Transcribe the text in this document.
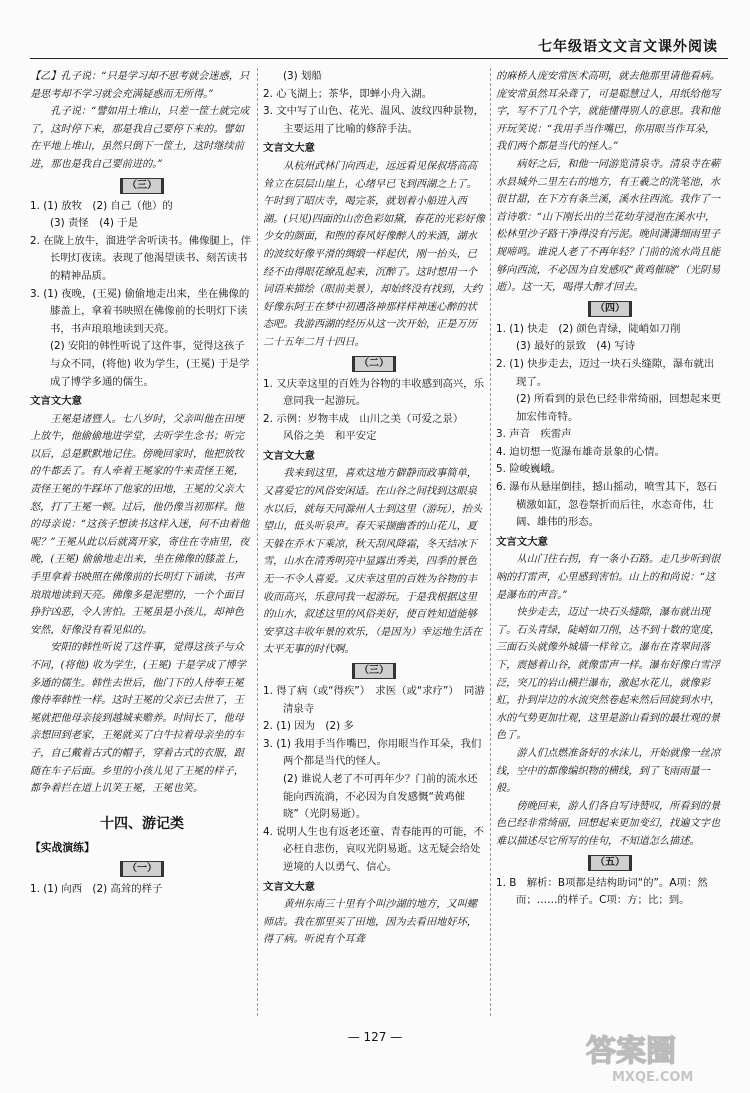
七年级语文文言文课外阅读

【乙】孔子说：“只是学习却不思考就会迷惑，只是思考却不学习就会充满疑惑而无所得。”

孔子说：“譬如用土堆山，只差一筐土就完成了，这时停下来，那是我自己要停下来的。譬如在平地上堆山，虽然只倒下一筐土，这时继续前进，那也是我自己要前进的。”

（三）

1. (1) 放牧　(2) 自己（他）的

(3) 责怪　(4) 于是

2. 在陇上放牛，溜进学舍听读书。佛像腿上，伴长明灯夜读。表现了他渴望读书、刻苦读书的精神品质。

3. (1) 夜晚，(王冕) 偷偷地走出来，坐在佛像的膝盖上，拿着书映照在佛像前的长明灯下读书，书声琅琅地读到天亮。

(2) 安阳的韩性听说了这件事，觉得这孩子与众不同，(将他) 收为学生，(王冕) 于是学成了博学多通的儒生。

文言文大意

王冕是诸暨人。七八岁时，父亲叫他在田埂上放牛，他偷偷地进学堂，去听学生念书；听完以后，总是默默地记住。傍晚回家时，他把放牧的牛都丢了。有人牵着王冕家的牛来责怪王冕，责怪王冕的牛踩坏了他家的田地，王冕的父亲大怒，打了王冕一顿。过后，他仍像当初那样。他的母亲说：“这孩子想读书这样入迷，何不由着他呢？”王冕从此以后就离开家，寄住在寺庙里，夜晚，(王冕) 偷偷地走出来，坐在佛像的膝盖上，手里拿着书映照在佛像前的长明灯下诵读，书声琅琅地读到天亮。佛像多是泥塑的，一个个面目狰狞凶恶，令人害怕。王冕虽是小孩儿，却神色安然，好像没有看见似的。

安阳的韩性听说了这件事，觉得这孩子与众不同，(将他) 收为学生，(王冕) 于是学成了博学多通的儒生。韩性去世后，他门下的人侍奉王冕像侍奉韩性一样。这时王冕的父亲已去世了，王冕就把他母亲接到越城来赡养。时间长了，他母亲想回到老家，王冕就买了白牛拉着母亲坐的车子，自己戴着古式的帽子，穿着古式的衣服，跟随在车子后面。乡里的小孩儿见了王冕的样子，都争着拦在道上讥笑王冕，王冕也笑。

十四、游记类

【实战演练】

（一）

1. (1) 向西　(2) 高耸的样子

(3) 划船

2. 心飞湖上；茶华，即蝉小舟入湖。

3. 文中写了山色、花光、温风、波纹四种景物，主要运用了比喻的修辞手法。

文言文大意

从杭州武林门向西走，远远看见保叔塔高高耸立在层层山崖上，心绪早已飞到西湖之上了。午时到了昭庆寺，喝完茶，就划着小船进入西湖。(只见)四面的山峦色彩如黛，春花的光彩好像少女的颜面，和煦的春风好像醉人的米酒，湖水的波纹好像平滑的绸缎一样起伏，刚一抬头，已经不由得眼花缭乱起来，沉醉了。这时想用一个词语来描绘（眼前美景），却始终没有找到，大约好像东阿王在梦中初遇洛神那样样神迷心醉的状态吧。我游西湖的经历从这一次开始，正是万历二十五年二月十四日。

（二）

1. 又庆幸这里的百姓为谷物的丰收感到高兴，乐意同我一起游玩。

2. 示例：岁物丰成　山川之美（可爱之景）

风俗之美　和平安定

文言文大意

我来到这里，喜欢这地方僻静而政事简单，又喜爱它的风俗安闲适。在山谷之间找到这眼泉水以后，就每天同滁州人士到这里（游玩），抬头望山，低头听泉声。春天采撷幽香的山花儿，夏天躲在乔木下乘凉，秋天刮风降霜，冬天结冰下雪，山水在清秀明亮中显露出秀美，四季的景色无一不令人喜爱。又庆幸这里的百姓为谷物的丰收而高兴，乐意同我一起游玩。于是我根据这里的山水，叙述这里的风俗美好，使百姓知道能够安享这丰收年景的欢乐，（是因为）幸运地生活在太平无事的时代啊。

（三）

1. 得了病（或“得疾”）　求医（或“求疗”）　同游清泉寺

2. (1) 因为　(2) 多

3. (1) 我用手当作嘴巴，你用眼当作耳朵，我们两个都是当代的怪人。

(2) 谁说人老了不可再年少？门前的流水还能向西流淌，不必因为自发感慨“黄鸡催晓”（光阴易逝）。

4. 说明人生也有返老还童、青春能再的可能，不必枉自悲伤，哀叹光阴易逝。这无疑会给处逆境的人以勇气、信心。

文言文大意

黄州东南三十里有个叫沙湖的地方，又叫螺师店。我在那里买了田地，因为去看田地好坏，得了病。听说有个耳聋

的麻桥人庞安常医术高明，就去他那里请他看病。庞安常虽然耳朵聋了，可是聪慧过人，用纸给他写字，写不了几个字，就能懂得别人的意思。我和他开玩笑说：“我用手当作嘴巴，你用眼当作耳朵，我们两个都是当代的怪人。”

病好之后，和他一同游览清泉寺。清泉寺在蕲水县城外二里左右的地方，有王羲之的洗笔池，水很甘甜，在下方有条兰溪，溪水往西流。我作了一首诗歌：“山下刚长出的兰花幼芽浸泡在溪水中，松林里沙子路干净得没有污泥。晚间潇潇细雨里子规啼鸣。谁说人老了不再年轻？门前的流水尚且能够向西流，不必因为自发感叹“黄鸡催晓”（光阴易逝）。这一天，喝得大醉才回去。

（四）

1. (1) 快走　(2) 颜色青绿，陡峭如刀削

(3) 最好的景致　(4) 写诗

2. (1) 快步走去，迈过一块石头缝隙，瀑布就出现了。

(2) 所看到的景色已经非常绮丽，回想起来更加宏伟奇特。

3. 声音　疾雷声

4. 迫切想一览瀑布雄奇景象的心情。

5. 险峻巍峨。

6. 瀑布从悬崖倒挂，撼山摇动，喷雪其下，怒石横激如缸，忽卷祭折而后往，水态奇伟，壮阔、雄伟的形态。

文言文大意

从山门往右拐，有一条小石路。走几步听到很响的打雷声，心里感到害怕。山上的和尚说：“这是瀑布的声音。”

快步走去，迈过一块石头缝隙，瀑布就出现了。石头青绿，陡峭如刀削，达不到十数的宽度，三面石头就像外城墙一样耸立。瀑布在青翠间落下，震撼着山谷，就像雷声一样。瀑布好像白雪浮泛，突兀的岩山横拦瀑布，激起水花儿，就像彩虹，扑到岸边的水流突然卷起来然后回旋到水中，水的气势更加壮观，这里是游山看到的最壮观的景色了。

游人们点燃准备好的水沫儿，开始就像一丝凉线，空中的都像编织物的横线，到了飞雨雨量一般。

傍晚回来，游人们各自写诗赞叹，所看到的景色已经非常绮丽，回想起来更加变幻，找遍文字也难以描述尽它所写的佳句，不知道怎么描述。

（五）

1. B　解析：B项都是结构助词“的”。A项：然而；……的样子。C项：方；比；到。

— 127 —	答案圈
MXQE.COM
